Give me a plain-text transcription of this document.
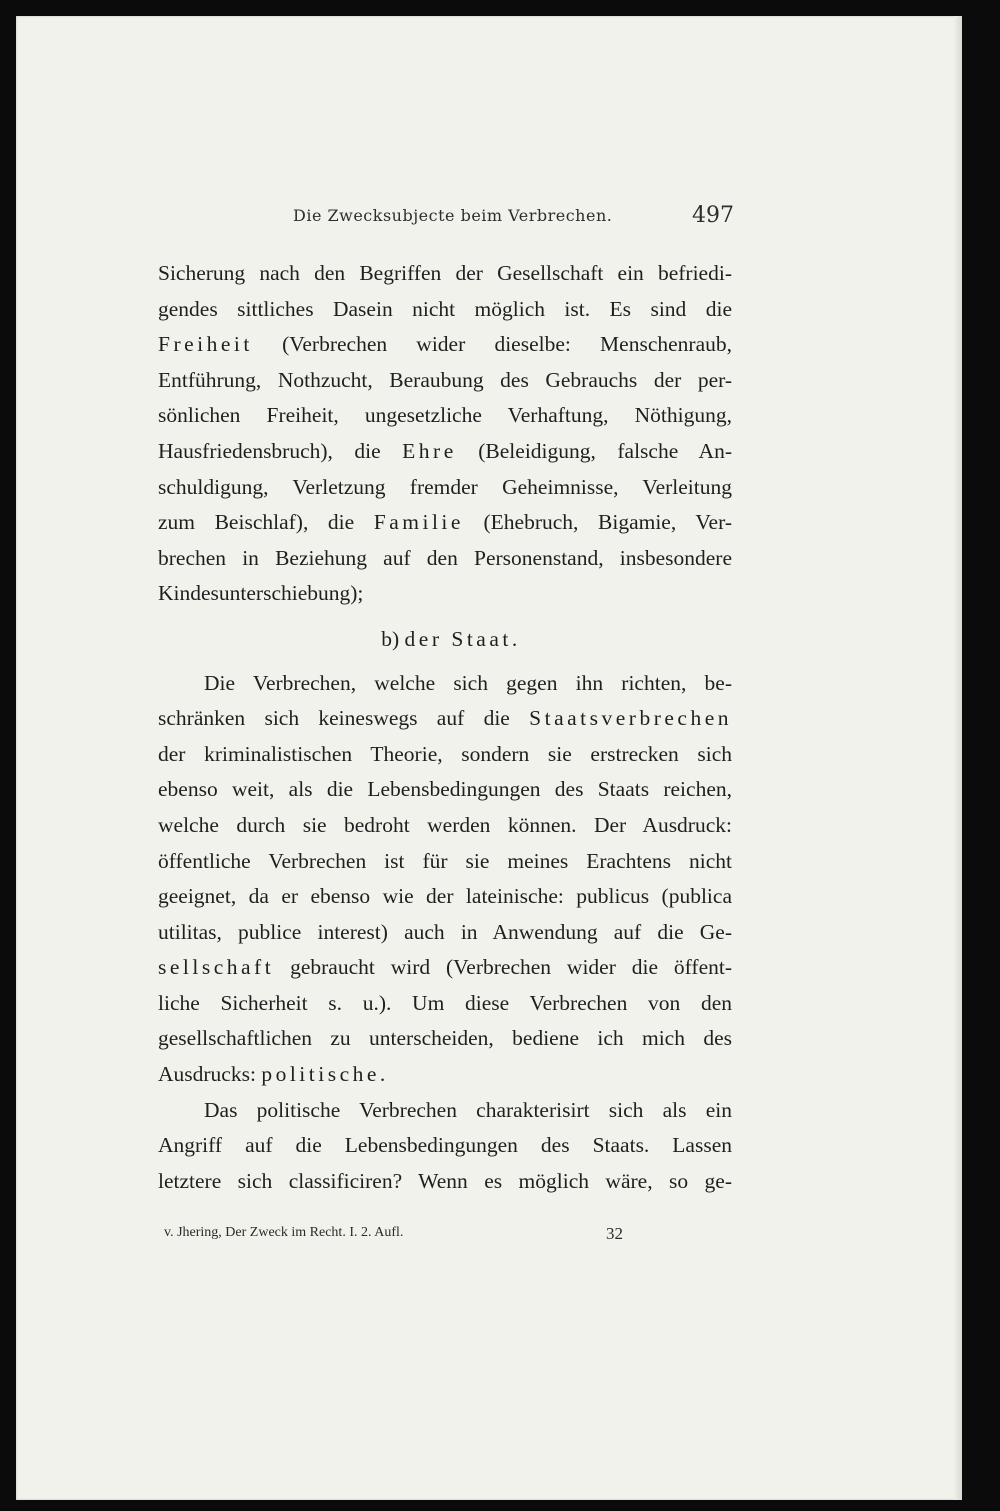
Die Zwecksubjecte beim Verbrechen.	497
Sicherung nach den Begriffen der Gesellschaft ein befriedi-
gendes sittliches Dasein nicht möglich ist. Es sind die
Freiheit (Verbrechen wider dieselbe: Menschenraub,
Entführung, Nothzucht, Beraubung des Gebrauchs der per-
sönlichen Freiheit, ungesetzliche Verhaftung, Nöthigung,
Hausfriedensbruch), die Ehre (Beleidigung, falsche An-
schuldigung, Verletzung fremder Geheimnisse, Verleitung
zum Beischlaf), die Familie (Ehebruch, Bigamie, Ver-
brechen in Beziehung auf den Personenstand, insbesondere
Kindesunterschiebung);
b) der Staat.
Die Verbrechen, welche sich gegen ihn richten, be-
schränken sich keineswegs auf die Staatsverbrechen
der kriminalistischen Theorie, sondern sie erstrecken sich
ebenso weit, als die Lebensbedingungen des Staats reichen,
welche durch sie bedroht werden können. Der Ausdruck:
öffentliche Verbrechen ist für sie meines Erachtens nicht
geeignet, da er ebenso wie der lateinische: publicus (publica
utilitas, publice interest) auch in Anwendung auf die Ge-
sellschaft gebraucht wird (Verbrechen wider die öffent-
liche Sicherheit s. u.). Um diese Verbrechen von den
gesellschaftlichen zu unterscheiden, bediene ich mich des
Ausdrucks: politische.
Das politische Verbrechen charakterisirt sich als ein
Angriff auf die Lebensbedingungen des Staats. Lassen
letztere sich classificiren? Wenn es möglich wäre, so ge-
v. Jhering, Der Zweck im Recht. I. 2. Aufl.	32
